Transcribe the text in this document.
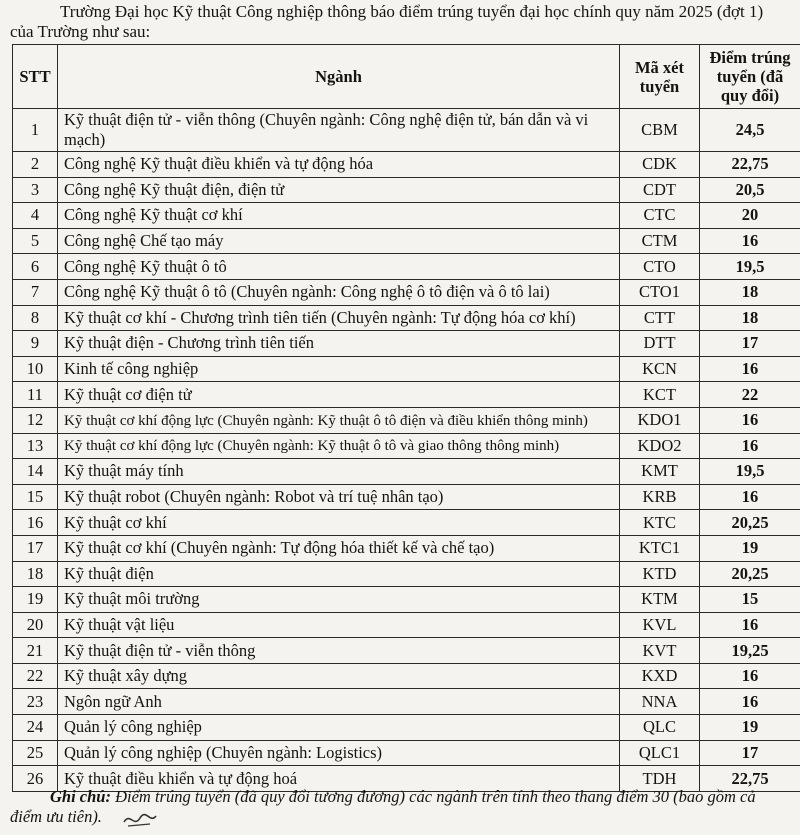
Trường Đại học Kỹ thuật Công nghiệp thông báo điểm trúng tuyển đại học chính quy năm 2025 (đợt 1)
của Trường như sau:
STT	Ngành	Mã xét tuyển	Điểm trúng tuyển (đã quy đổi)
1	Kỹ thuật điện tử - viễn thông (Chuyên ngành: Công nghệ điện tử, bán dẫn và vi mạch)	CBM	24,5
2	Công nghệ Kỹ thuật điều khiển và tự động hóa	CDK	22,75
3	Công nghệ Kỹ thuật điện, điện tử	CDT	20,5
4	Công nghệ Kỹ thuật cơ khí	CTC	20
5	Công nghệ Chế tạo máy	CTM	16
6	Công nghệ Kỹ thuật ô tô	CTO	19,5
7	Công nghệ Kỹ thuật ô tô (Chuyên ngành: Công nghệ ô tô điện và ô tô lai)	CTO1	18
8	Kỹ thuật cơ khí - Chương trình tiên tiến (Chuyên ngành: Tự động hóa cơ khí)	CTT	18
9	Kỹ thuật điện - Chương trình tiên tiến	DTT	17
10	Kinh tế công nghiệp	KCN	16
11	Kỹ thuật cơ điện tử	KCT	22
12	Kỹ thuật cơ khí động lực (Chuyên ngành: Kỹ thuật ô tô điện và điều khiển thông minh)	KDO1	16
13	Kỹ thuật cơ khí động lực (Chuyên ngành: Kỹ thuật ô tô và giao thông thông minh)	KDO2	16
14	Kỹ thuật máy tính	KMT	19,5
15	Kỹ thuật robot (Chuyên ngành: Robot và trí tuệ nhân tạo)	KRB	16
16	Kỹ thuật cơ khí	KTC	20,25
17	Kỹ thuật cơ khí (Chuyên ngành: Tự động hóa thiết kế và chế tạo)	KTC1	19
18	Kỹ thuật điện	KTD	20,25
19	Kỹ thuật môi trường	KTM	15
20	Kỹ thuật vật liệu	KVL	16
21	Kỹ thuật điện tử - viễn thông	KVT	19,25
22	Kỹ thuật xây dựng	KXD	16
23	Ngôn ngữ Anh	NNA	16
24	Quản lý công nghiệp	QLC	19
25	Quản lý công nghiệp (Chuyên ngành: Logistics)	QLC1	17
26	Kỹ thuật điều khiển và tự động hoá	TDH	22,75
Ghi chú: Điểm trúng tuyển (đã quy đổi tương đương) các ngành trên tính theo thang điểm 30 (bao gồm cả
điểm ưu tiên).
